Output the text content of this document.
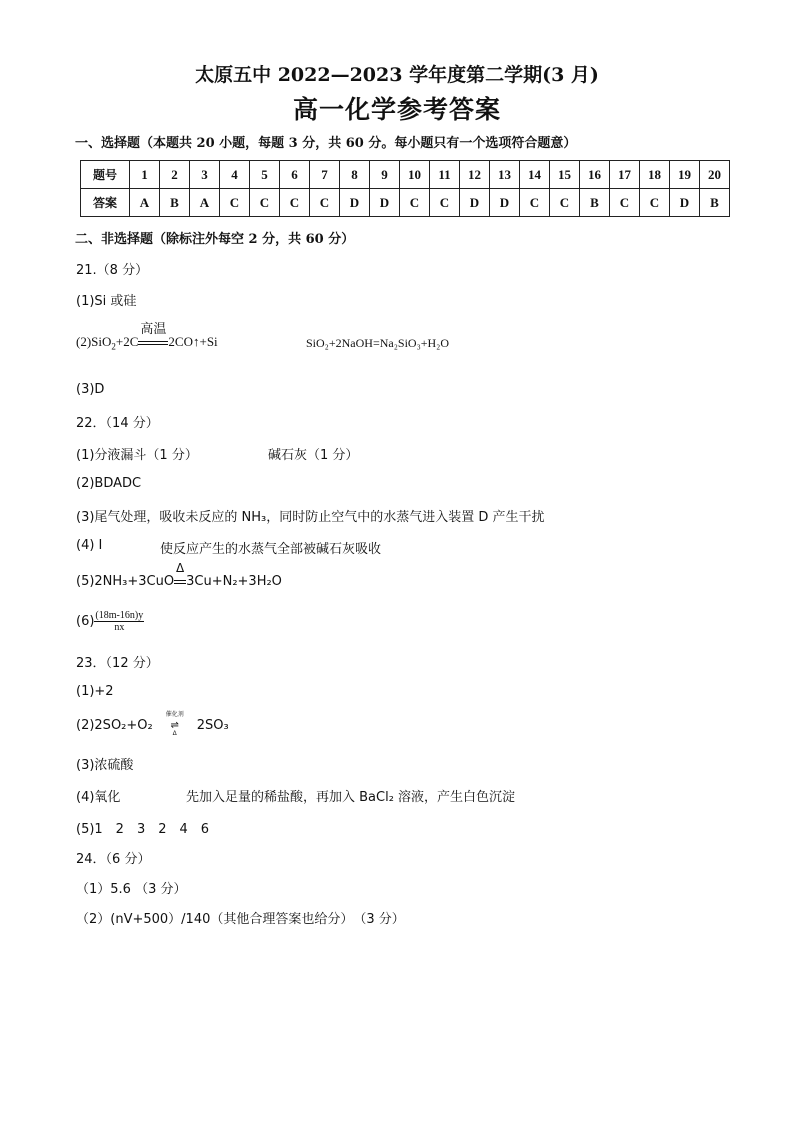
太原五中 2022—2023 学年度第二学期(3 月)
高一化学参考答案
一、选择题（本题共 20 小题，每题 3 分，共 60 分。每小题只有一个选项符合题意）
题号	1	2	3	4	5	6	7	8	9	10	11	12	13	14	15	16	17	18	19	20
答案	A	B	A	C	C	C	C	D	D	C	C	D	D	C	C	B	C	C	D	B
二、非选择题（除标注外每空 2 分，共 60 分）
21.（8 分）
(1)Si 或硅
(2)SiO$_2$+2C
高温
2CO↑+Si	SiO₂+2NaOH=Na₂SiO₃+H₂O
(3)D
22．（14 分）
(1)分液漏斗（1 分）	碱石灰（1 分）
(2)BDADC
(3)尾气处理，吸收未反应的 NH₃，同时防止空气中的水蒸气进入装置 D 产生干扰
(4) I	使反应产生的水蒸气全部被碱石灰吸收
(5)2NH₃+3CuO
Δ
3Cu+N₂+3H₂O
$(6) \frac{(18m-16n)y}{nx}$
23．（12 分）
(1)+2
(2)2SO₂+O₂
催化剂
⇌
Δ
2SO₃
(3)浓硫酸
(4)氧化	先加入足量的稀盐酸，再加入 BaCl₂ 溶液，产生白色沉淀
(5)1　2　3　2　4　6
24．（6 分）
（1）5.6 （3 分）
（2）(nV+500）/140（其他合理答案也给分）　（3 分）
